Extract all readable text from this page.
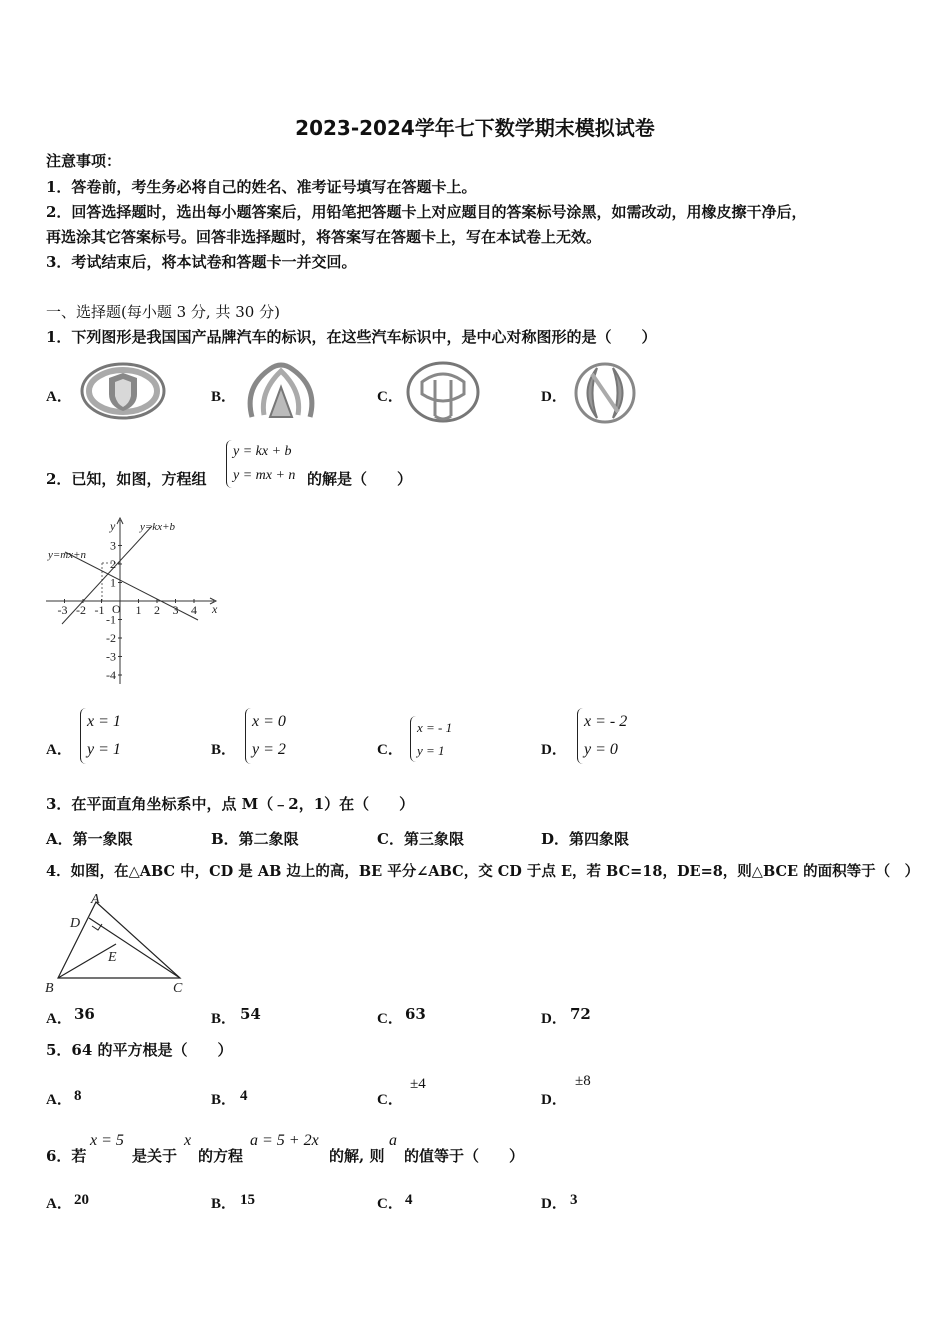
2023-2024学年七下数学期末模拟试卷
注意事项：
1．答卷前，考生务必将自己的姓名、准考证号填写在答题卡上。
2．回答选择题时，选出每小题答案后，用铅笔把答题卡上对应题目的答案标号涂黑，如需改动，用橡皮擦干净后，
再选涂其它答案标号。回答非选择题时，将答案写在答题卡上，写在本试卷上无效。
3．考试结束后，将本试卷和答题卡一并交回。
一、选择题(每小题 3 分, 共 30 分)
1．下列图形是我国国产品牌汽车的标识，在这些汽车标识中，是中心对称图形的是（　　）
A．	B．	C．	D．
2．已知，如图，方程组
y = kx + b
y = mx + n 的解是（　　）
x
y
O
y=kx+b
y=mx+n
-3 -2 -1	1 2 3 4
3
2
1
-1
-2
-3
-4
A．
x = 1
y = 1	B．
x = 0
y = 2	C．
x = - 1
y = 1	D．
x = - 2
y = 0
3．在平面直角坐标系中，点 M（﹣2，1）在（　　）
A．第一象限	B．第二象限	C．第三象限	D．第四象限
4．如图，在△ABC 中，CD 是 AB 边上的高，BE 平分∠ABC，交 CD 于点 E，若 BC=18，DE=8，则△BCE 的面积等于（　）
A
D
E
B	C
A． 36	B． 54	C． 63	D． 72
5．64 的平方根是（　　）
A． 8	B． 4	C．
±4
D．
±8
6．若
x = 5
是关于
x
的方程
a = 5 + 2x
的解, 则
a
的值等于（　　）
A． 20	B． 15	C． 4	D． 3
